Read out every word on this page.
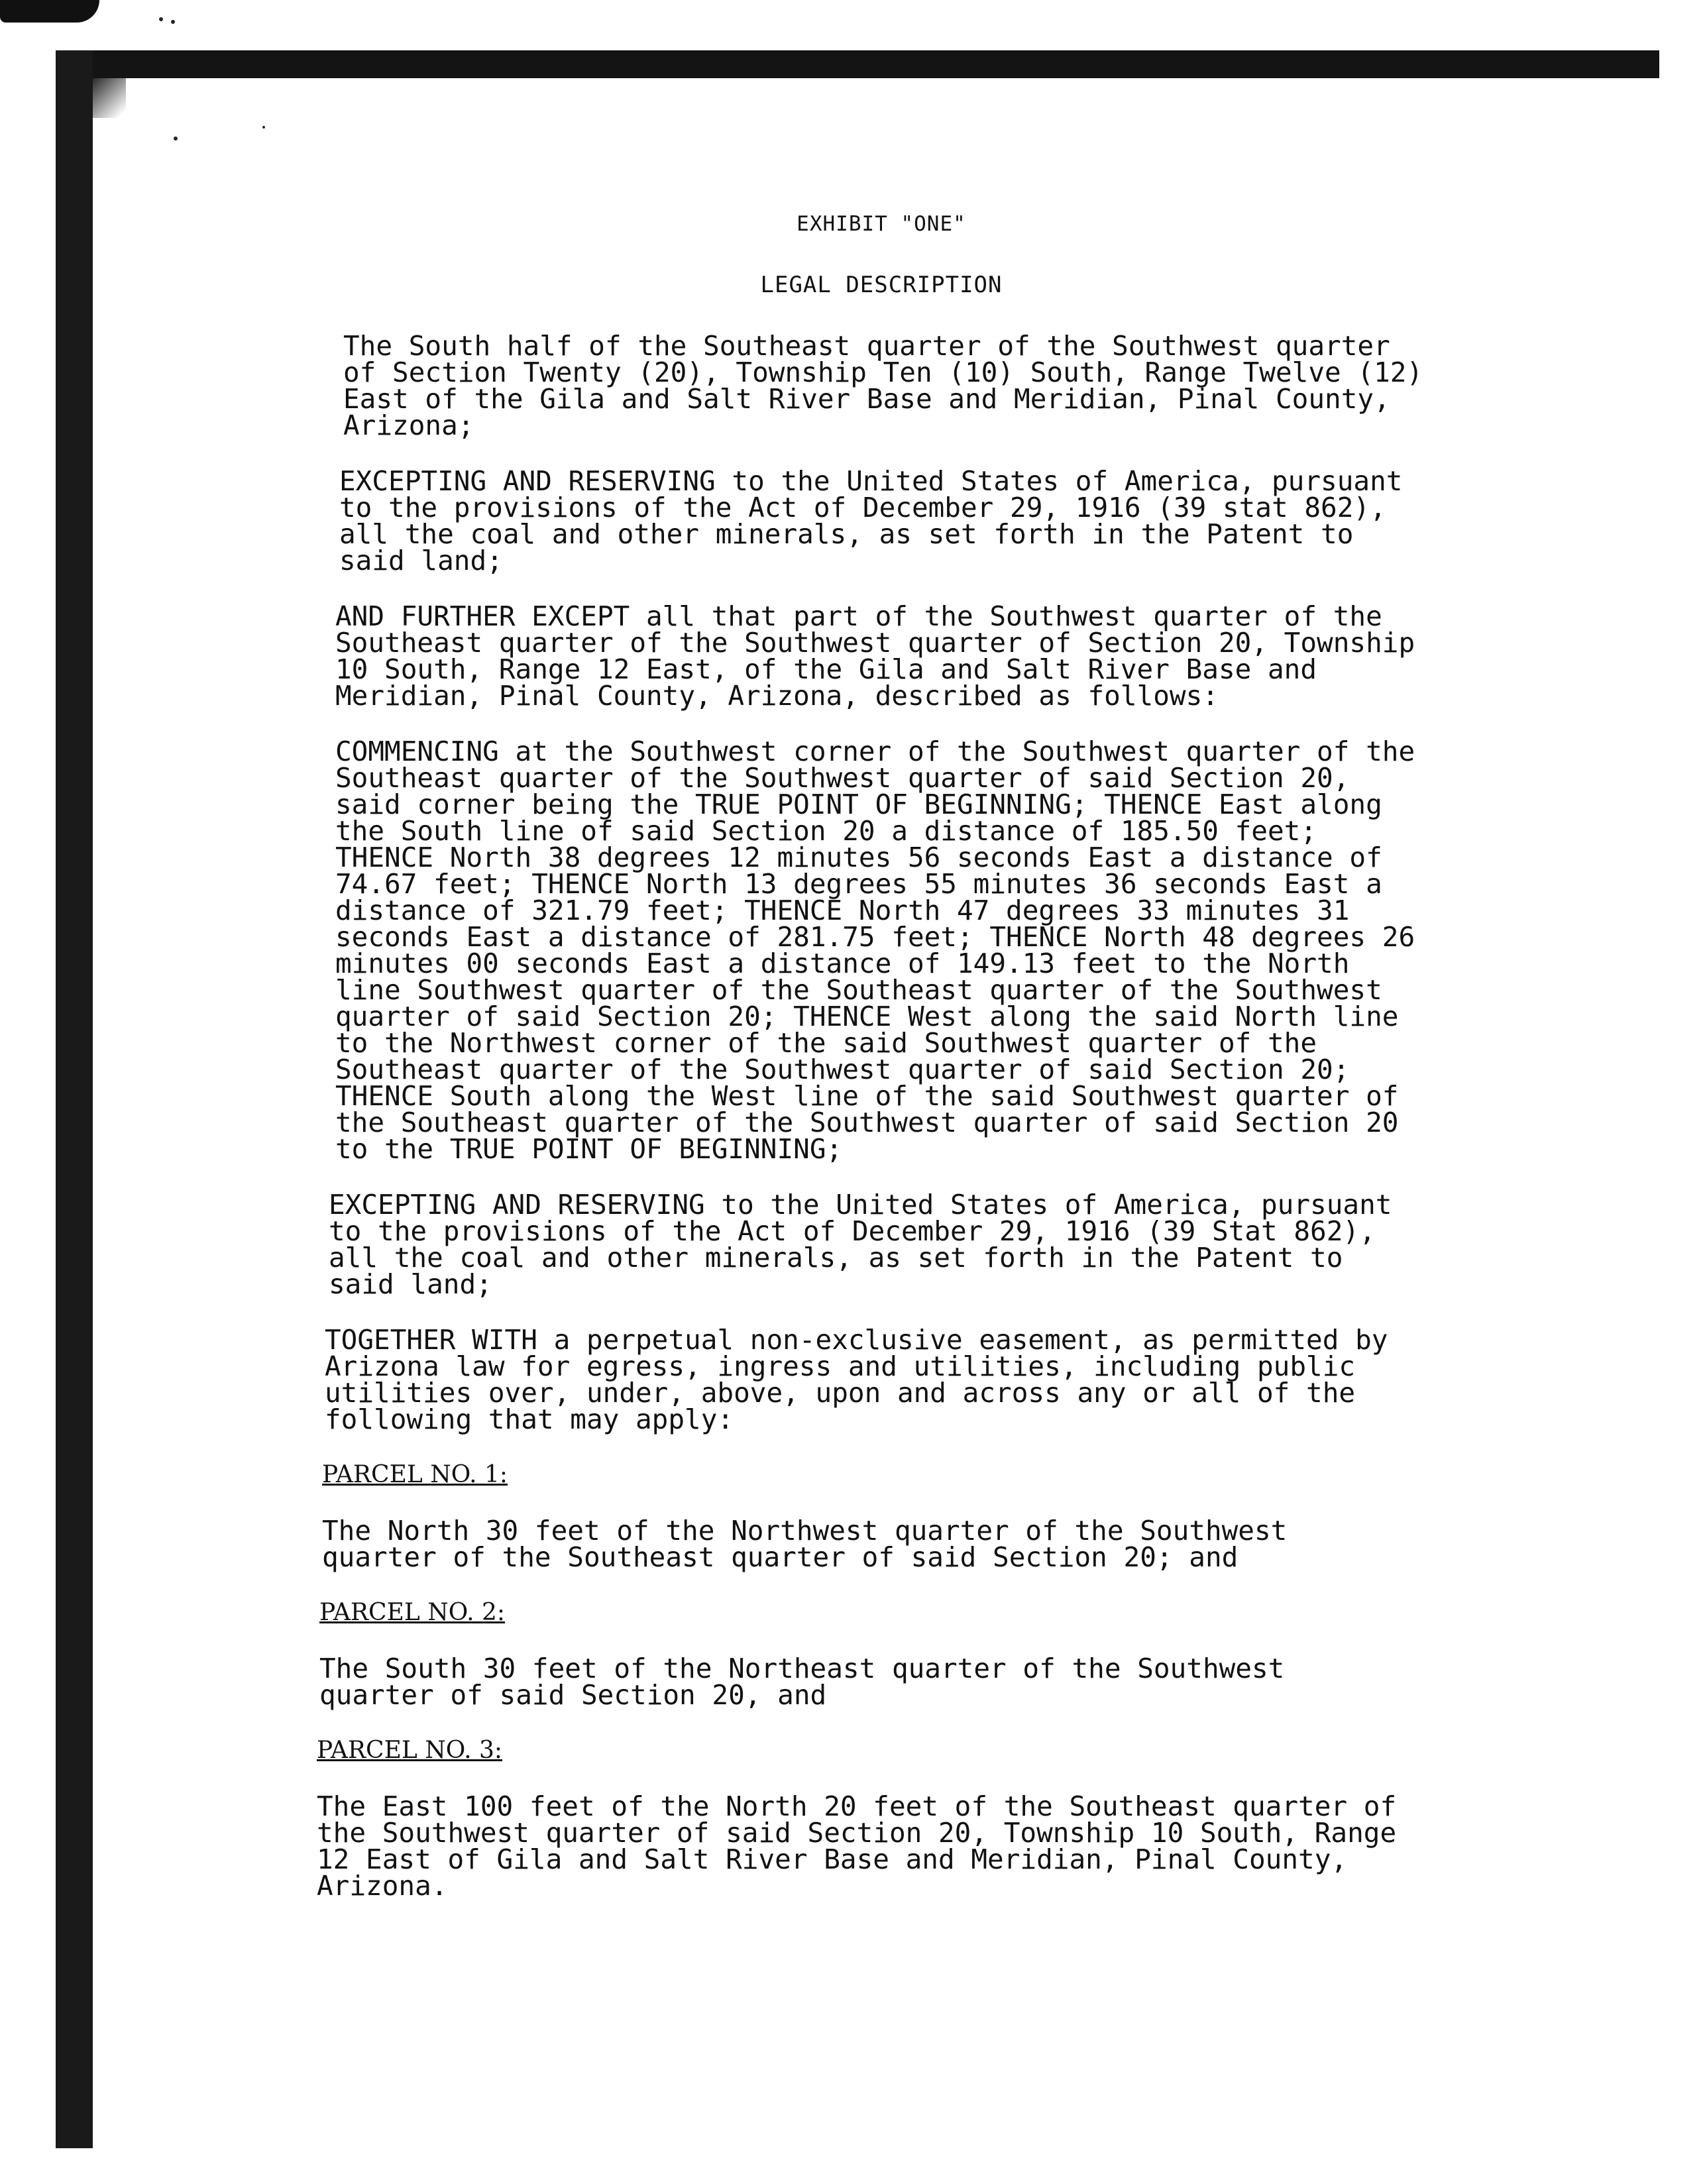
EXHIBIT "ONE"
LEGAL DESCRIPTION
The South half of the Southeast quarter of the Southwest quarter
of Section Twenty (20), Township Ten (10) South, Range Twelve (12)
East of the Gila and Salt River Base and Meridian, Pinal County,
Arizona;
EXCEPTING AND RESERVING to the United States of America, pursuant
to the provisions of the Act of December 29, 1916 (39 stat 862),
all the coal and other minerals, as set forth in the Patent to
said land;
AND FURTHER EXCEPT all that part of the Southwest quarter of the
Southeast quarter of the Southwest quarter of Section 20, Township
10 South, Range 12 East, of the Gila and Salt River Base and
Meridian, Pinal County, Arizona, described as follows:
COMMENCING at the Southwest corner of the Southwest quarter of the
Southeast quarter of the Southwest quarter of said Section 20,
said corner being the TRUE POINT OF BEGINNING; THENCE East along
the South line of said Section 20 a distance of 185.50 feet;
THENCE North 38 degrees 12 minutes 56 seconds East a distance of
74.67 feet; THENCE North 13 degrees 55 minutes 36 seconds East a
distance of 321.79 feet; THENCE North 47 degrees 33 minutes 31
seconds East a distance of 281.75 feet; THENCE North 48 degrees 26
minutes 00 seconds East a distance of 149.13 feet to the North
line Southwest quarter of the Southeast quarter of the Southwest
quarter of said Section 20; THENCE West along the said North line
to the Northwest corner of the said Southwest quarter of the
Southeast quarter of the Southwest quarter of said Section 20;
THENCE South along the West line of the said Southwest quarter of
the Southeast quarter of the Southwest quarter of said Section 20
to the TRUE POINT OF BEGINNING;
EXCEPTING AND RESERVING to the United States of America, pursuant
to the provisions of the Act of December 29, 1916 (39 Stat 862),
all the coal and other minerals, as set forth in the Patent to
said land;
TOGETHER WITH a perpetual non-exclusive easement, as permitted by
Arizona law for egress, ingress and utilities, including public
utilities over, under, above, upon and across any or all of the
following that may apply:
PARCEL NO. 1:
The North 30 feet of the Northwest quarter of the Southwest
quarter of the Southeast quarter of said Section 20; and
PARCEL NO. 2:
The South 30 feet of the Northeast quarter of the Southwest
quarter of said Section 20, and
PARCEL NO. 3:
The East 100 feet of the North 20 feet of the Southeast quarter of
the Southwest quarter of said Section 20, Township 10 South, Range
12 East of Gila and Salt River Base and Meridian, Pinal County,
Arizona.
